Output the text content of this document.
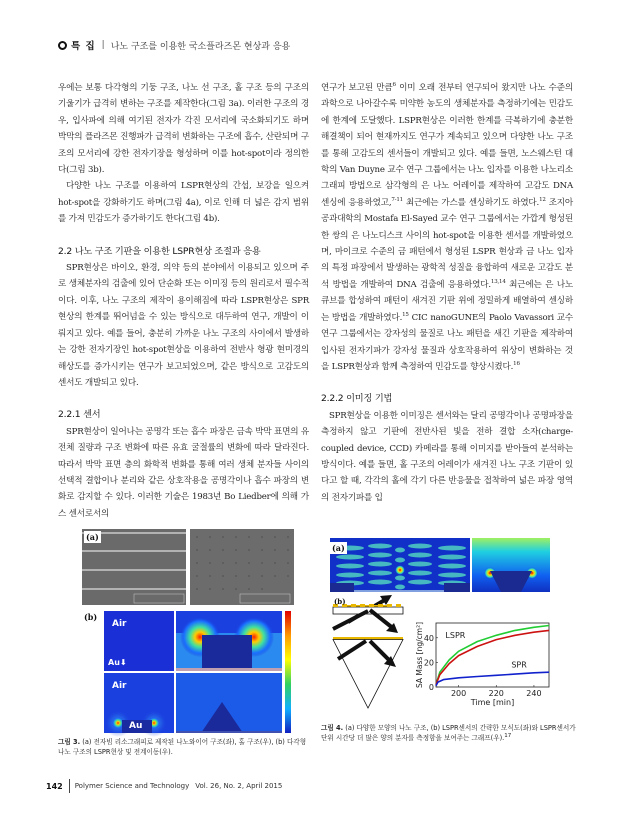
특 집 | 나노 구조를 이용한 국소플라즈몬 현상과 응용

우에는 보통 다각형의 기둥 구조, 나노 선 구조, 홀 구조 등의 구조의 기울기가 급격히 변하는 구조를 제작한다(그림 3a). 이러한 구조의 경우, 입사파에 의해 여기된 전자가 각진 모서리에 국소화되기도 하며 박막의 플라즈몬 진행파가 급격히 변화하는 구조에 흡수, 산란되며 구조의 모서리에 강한 전자기장을 형성하며 이를 hot-spot이라 정의한다(그림 3b).

다양한 나노 구조를 이용하여 LSPR현상의 간섭, 보강을 일으켜 hot-spot을 강화하기도 하며(그림 4a), 이로 인해 더 넓은 감지 범위를 가져 민감도가 증가하기도 한다(그림 4b).

2.2 나노 구조 기판을 이용한 LSPR현상 조절과 응용

SPR현상은 바이오, 환경, 의약 등의 분야에서 이용되고 있으며 주로 생체분자의 검출에 있어 단순화 또는 이미징 등의 원리로서 필수적이다. 이후, 나노 구조의 제작이 용이해짐에 따라 LSPR현상은 SPR현상의 한계를 뛰어넘을 수 있는 방식으로 대두하여 연구, 개발이 이뤄지고 있다. 예를 들어, 충분히 가까운 나노 구조의 사이에서 발생하는 강한 전자기장인 hot-spot현상을 이용하여 전반사 형광 현미경의 해상도를 증가시키는 연구가 보고되었으며, 같은 방식으로 고감도의 센서도 개발되고 있다.

2.2.1 센서

SPR현상이 일어나는 공명각 또는 흡수 파장은 금속 박막 표면의 유전체 질량과 구조 변화에 따른 유효 굴절률의 변화에 따라 달라진다. 따라서 박막 표면 층의 화학적 변화를 통해 여러 생체 분자들 사이의 선택적 결합이나 분리와 같은 상호작용을 공명각이나 흡수 파장의 변화로 감지할 수 있다. 이러한 기술은 1983년 Bo Liedber에 의해 가스 센서로서의

연구가 보고된 만큼$^6$ 이미 오래 전부터 연구되어 왔지만 나노 수준의 과학으로 나아갈수록 미약한 농도의 생체분자를 측정하기에는 민감도에 한계에 도달했다. LSPR현상은 이러한 한계를 극복하기에 충분한 해결책이 되어 현재까지도 연구가 계속되고 있으며 다양한 나노 구조를 통해 고감도의 센서들이 개발되고 있다. 예를 들면, 노스웨스턴 대학의 Van Duyne 교수 연구 그룹에서는 나노 입자를 이용한 나노리소그래피 방법으로 삼각형의 은 나노 어레이를 제작하여 고감도 DNA 센싱에 응용하였고,$^{7-11}$ 최근에는 가스를 센싱하기도 하였다.$^{12}$ 조지아 공과대학의 Mostafa El-Sayed 교수 연구 그룹에서는 가깝게 형성된 한 쌍의 은 나노디스크 사이의 hot-spot을 이용한 센서를 개발하였으며, 마이크로 수준의 금 패턴에서 형성된 LSPR 현상과 금 나노 입자의 특정 파장에서 발생하는 광학적 성질을 융합하여 새로운 고감도 분석 방법을 개발하여 DNA 검출에 응용하였다.$^{13,14}$ 최근에는 은 나노 큐브를 합성하여 패턴이 새겨진 기판 위에 정밀하게 배열하여 센싱하는 방법을 개발하였다.$^{15}$ CIC nanoGUNE의 Paolo Vavassori 교수 연구 그룹에서는 강자성의 물질로 나노 패턴을 새긴 기판을 제작하여 입사된 전자기파가 강자성 물질과 상호작용하여 위상이 변화하는 것을 LSPR현상과 함께 측정하여 민감도를 향상시켰다.$^{16}$

2.2.2 이미징 기법

SPR현상을 이용한 이미징은 센서와는 달리 공명각이나 공명파장을 측정하지 않고 기판에 전반사된 빛을 전하 결합 소자(charge-coupled device, CCD) 카메라를 통해 이미지를 받아들여 분석하는 방식이다. 예를 들면, 홀 구조의 어레이가 새겨진 나노 구조 기판이 있다고 할 때, 각각의 홀에 각기 다른 반응물을 접착하여 넓은 파장 영역의 전자기파를 입

(a)
(b)
Air
Au⬇
Air
Au
그림 3. (a) 전자빔 리소그래피로 제작된 나노와이어 구조(좌), 홀 구조(우), (b) 다각형 나노 구조의 LSPR현상 및 전계이동(우).
200	220	240
0
20
40
Time [min]
SA Mass [ng/cm²]	LSPR
SPR
(a)
(b)
그림 4. (a) 다양한 모양의 나노 구조, (b) LSPR센서의 간략한 모식도(좌)와 LSPR센서가 단위 시간당 더 많은 양의 분자를 측정함을 보여주는 그래프(우).$^{17}$
142 Polymer Science and Technology Vol. 26, No. 2, April 2015
